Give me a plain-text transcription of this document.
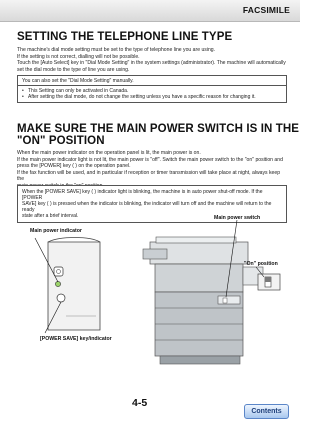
FACSIMILE
SETTING THE TELEPHONE LINE TYPE
The machine's dial mode setting must be set to the type of telephone line you are using.
If the setting is not correct, dialling will not be possible.
Touch the [Auto Select] key in "Dial Mode Setting" in the system settings (administrator). The machine will automatically
set the dial mode to the type of line you are using.
You can also set the "Dial Mode Setting" manually.
• This Setting can only be activated in Canada.
• After setting the dial mode, do not change the setting unless you have a specific reason for changing it.
MAKE SURE THE MAIN POWER SWITCH IS IN THE
"ON" POSITION
When the main power indicator on the operation panel is lit, the main power is on.
If the main power indicator light is not lit, the main power is "off". Switch the main power switch to the "on" position and
press the [POWER] key ( ) on the operation panel.
If the fax function will be used, and in particular if reception or timer transmission will take place at night, always keep the
When the [POWER SAVE] key ( ) indicator light is blinking, the machine is in auto power shut-off mode. If the [POWER
SAVE] key ( ) is pressed when the indicator is blinking, the indicator will turn off and the machine will return to the ready
state after a brief interval.
Main power indicator
[POWER SAVE] key/indicator
Main power switch
"On" position
4-5
Contents
